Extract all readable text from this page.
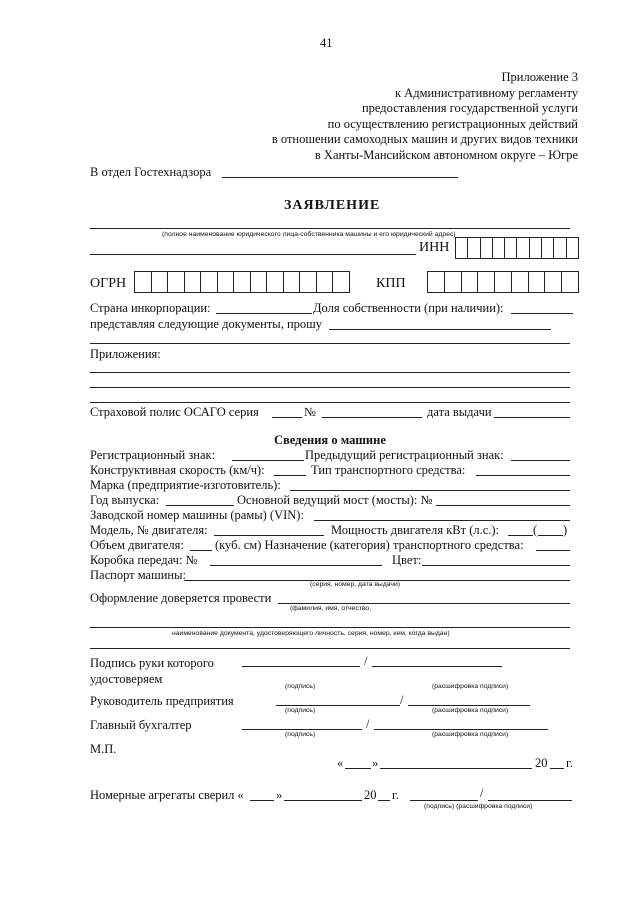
41
Приложение 3
к Административному регламенту
предоставления государственной услуги
по осуществлению регистрационных действий
в отношении самоходных машин и других видов техники
в Ханты-Мансийском автономном округе – Югре
В отдел Гостехнадзора
ЗАЯВЛЕНИЕ
(полное наименование юридического лица-собственника машины и его юридический адрес)
ИНН
ОГРН	КПП
Страна инкорпорации:	Доля собственности (при наличии):
представляя следующие документы, прошу
Приложения:
Страховой полис ОСАГО серия	№	дата выдачи
Сведения о машине
Регистрационный знак:	Предыдущий регистрационный знак:
Конструктивная скорость (км/ч):	Тип транспортного средства:
Марка (предприятие-изготовитель):
Год выпуска:	Основной ведущий мост (мосты): №
Заводской номер машины (рамы) (VIN):
Модель, № двигателя:	Мощность двигателя кВт (л.с.):	( )
Объем двигателя: (куб. см) Назначение (категория) транспортного средства:
Коробка передач: №	Цвет:
Паспорт машины:
(серия, номер, дата выдачи)
Оформление доверяется провести
(фамилия, имя, отчество,
наименование документа, удостоверяющего личность, серия, номер, кем, когда выдан)
Подпись руки которого
удостоверяем
/
(подпись)	(расшифровка подписи)
Руководитель предприятия	/
(подпись)	(расшифровка подписи)
Главный бухгалтер	/
(подпись)	(расшифровка подписи)
М.П.
« »	20 г.
Номерные агрегаты сверил «	»	20 г.	/
(подпись) (расшифровка подписи)
